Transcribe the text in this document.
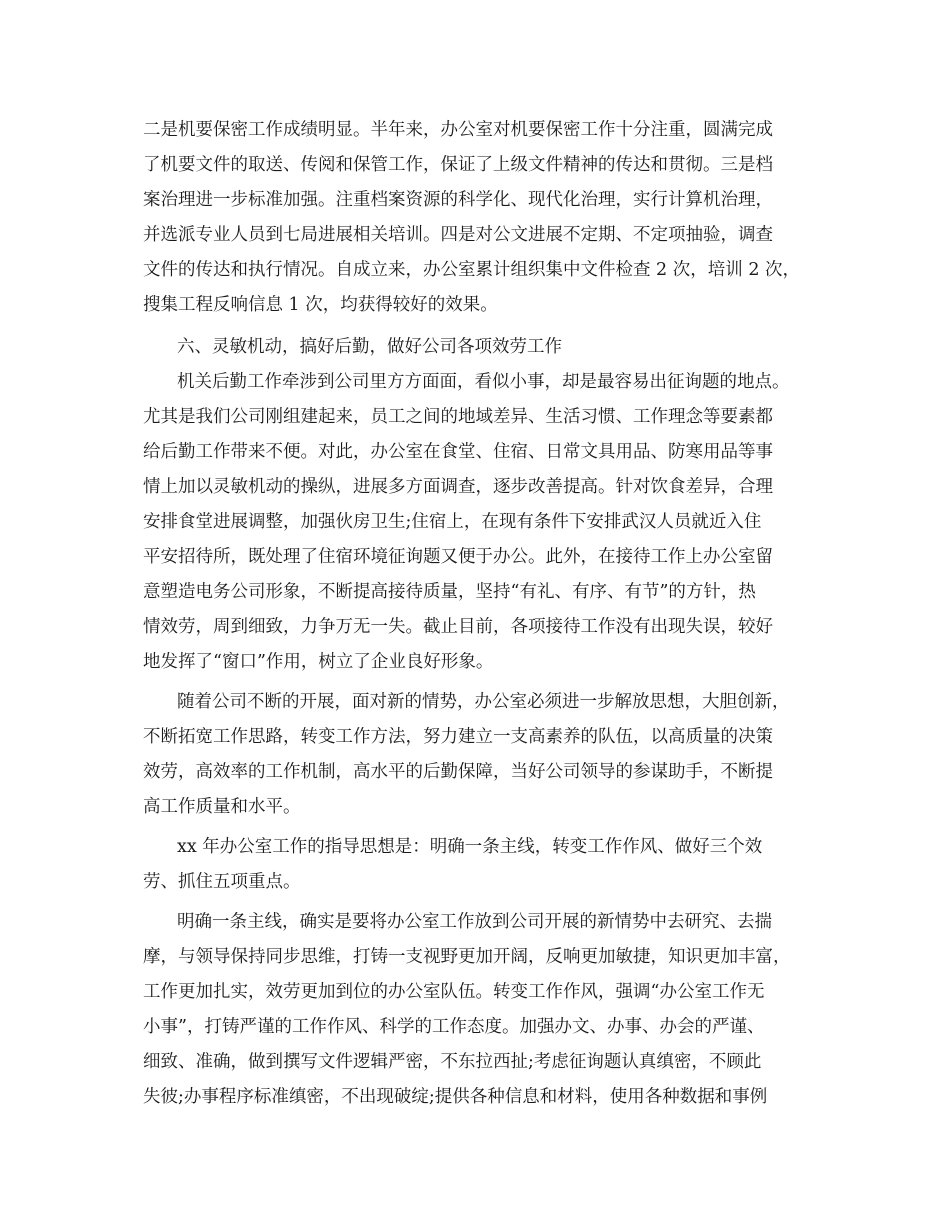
二是机要保密工作成绩明显。半年来，办公室对机要保密工作十分注重，圆满完成

了机要文件的取送、传阅和保管工作，保证了上级文件精神的传达和贯彻。三是档

案治理进一步标准加强。注重档案资源的科学化、现代化治理，实行计算机治理，

并选派专业人员到七局进展相关培训。四是对公文进展不定期、不定项抽验，调查

文件的传达和执行情况。自成立来，办公室累计组织集中文件检查 2 次，培训 2 次，

搜集工程反响信息 1 次，均获得较好的效果。

六、灵敏机动，搞好后勤，做好公司各项效劳工作

机关后勤工作牵涉到公司里方方面面，看似小事，却是最容易出征询题的地点。

尤其是我们公司刚组建起来，员工之间的地域差异、生活习惯、工作理念等要素都

给后勤工作带来不便。对此，办公室在食堂、住宿、日常文具用品、防寒用品等事

情上加以灵敏机动的操纵，进展多方面调查，逐步改善提高。针对饮食差异，合理

安排食堂进展调整，加强伙房卫生;住宿上，在现有条件下安排武汉人员就近入住

平安招待所，既处理了住宿环境征询题又便于办公。此外，在接待工作上办公室留

意塑造电务公司形象，不断提高接待质量，坚持“有礼、有序、有节”的方针，热

情效劳，周到细致，力争万无一失。截止目前，各项接待工作没有出现失误，较好

地发挥了“窗口”作用，树立了企业良好形象。

随着公司不断的开展，面对新的情势，办公室必须进一步解放思想，大胆创新，

不断拓宽工作思路，转变工作方法，努力建立一支高素养的队伍，以高质量的决策

效劳，高效率的工作机制，高水平的后勤保障，当好公司领导的参谋助手，不断提

高工作质量和水平。

xx 年办公室工作的指导思想是：明确一条主线，转变工作作风、做好三个效

劳、抓住五项重点。

明确一条主线，确实是要将办公室工作放到公司开展的新情势中去研究、去揣

摩，与领导保持同步思维，打铸一支视野更加开阔，反响更加敏捷，知识更加丰富，

工作更加扎实，效劳更加到位的办公室队伍。转变工作作风，强调“办公室工作无

小事”，打铸严谨的工作作风、科学的工作态度。加强办文、办事、办会的严谨、

细致、准确，做到撰写文件逻辑严密，不东拉西扯;考虑征询题认真缜密，不顾此

失彼;办事程序标准缜密，不出现破绽;提供各种信息和材料，使用各种数据和事例
